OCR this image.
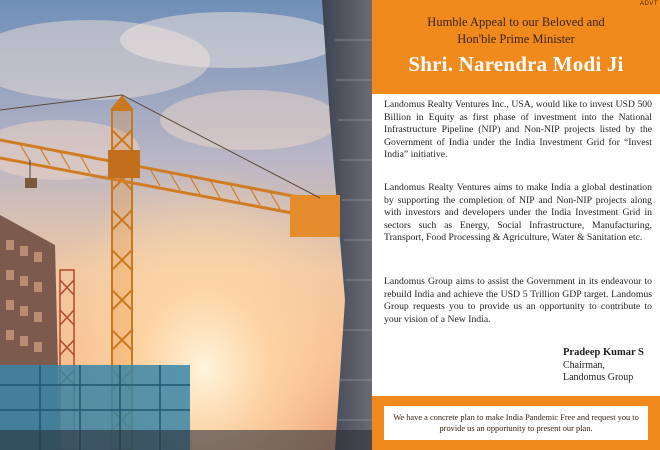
ADVT
Humble Appeal to our Beloved and
Hon'ble Prime Minister
Shri. Narendra Modi Ji
Landomus Realty Ventures Inc., USA, would like to invest USD 500 Billion in Equity as first phase of investment into the National Infrastructure Pipeline (NIP) and Non-NIP projects listed by the Government of India under the India Investment Grid for “Invest India” initiative.
Landomus Realty Ventures aims to make India a global destination by supporting the completion of NIP and Non-NIP projects along with investors and developers under the India Investment Grid in sectors such as Energy, Social Infrastructure, Manufacturing, Transport, Food Processing & Agriculture, Water & Sanitation etc.
Landomus Group aims to assist the Government in its endeavour to rebuild India and achieve the USD 5 Trillion GDP target. Landomus Group requests you to provide us an opportunity to contribute to your vision of a New India.
Pradeep Kumar S
Chairman,
Landomus Group
We have a concrete plan to make India Pandemic Free and request you to provide us an opportunity to present our plan.
